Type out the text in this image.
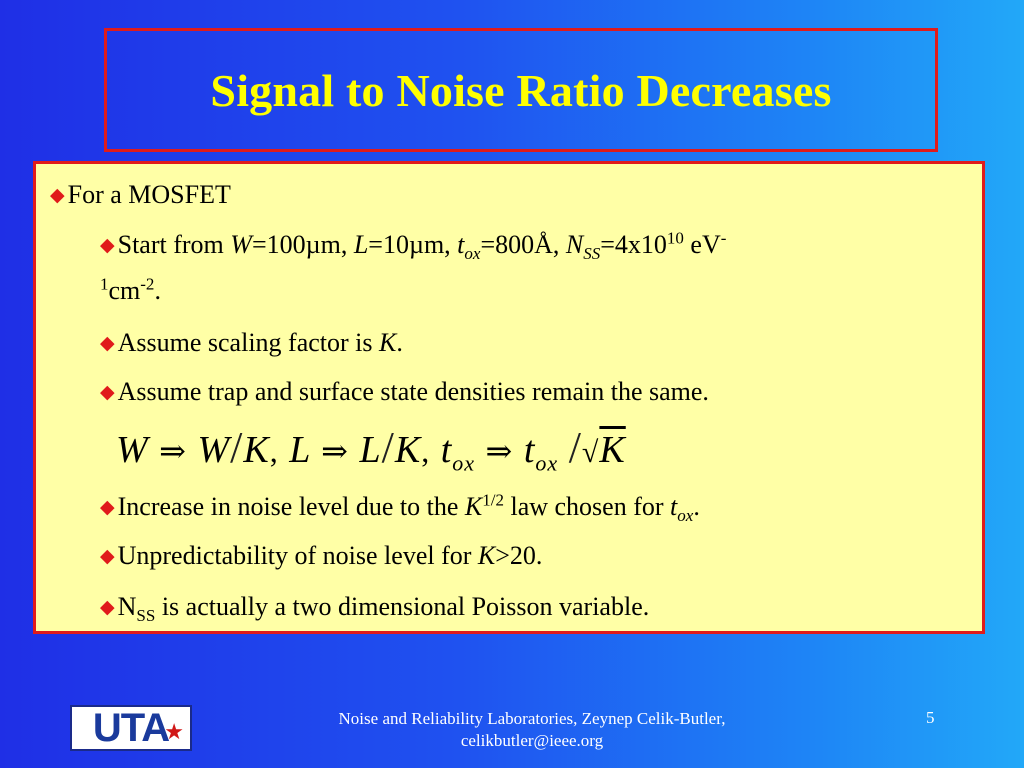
Signal to Noise Ratio Decreases
◆ For a MOSFET
◆ Start from W=100µm, L=10µm, $t_{ox}=800Å$, $N_{SS}=4x10^{10}$ eV-
$^1cm^{-2}$.
◆ Assume scaling factor is K.
◆ Assume trap and surface state densities remain the same.
W ⇒ W/K, L ⇒ L/K, $t_{ox}$ ⇒ $t_{ox}$ /√K
◆ Increase in noise level due to the $K^{1/2}$ law chosen for $t_{ox}$.
◆ Unpredictability of noise level for K>20.
◆ $N_{SS}$ is actually a two dimensional Poisson variable.
UTA
★
Noise and Reliability Laboratories, Zeynep Celik-Butler,
celikbutler@ieee.org
5
